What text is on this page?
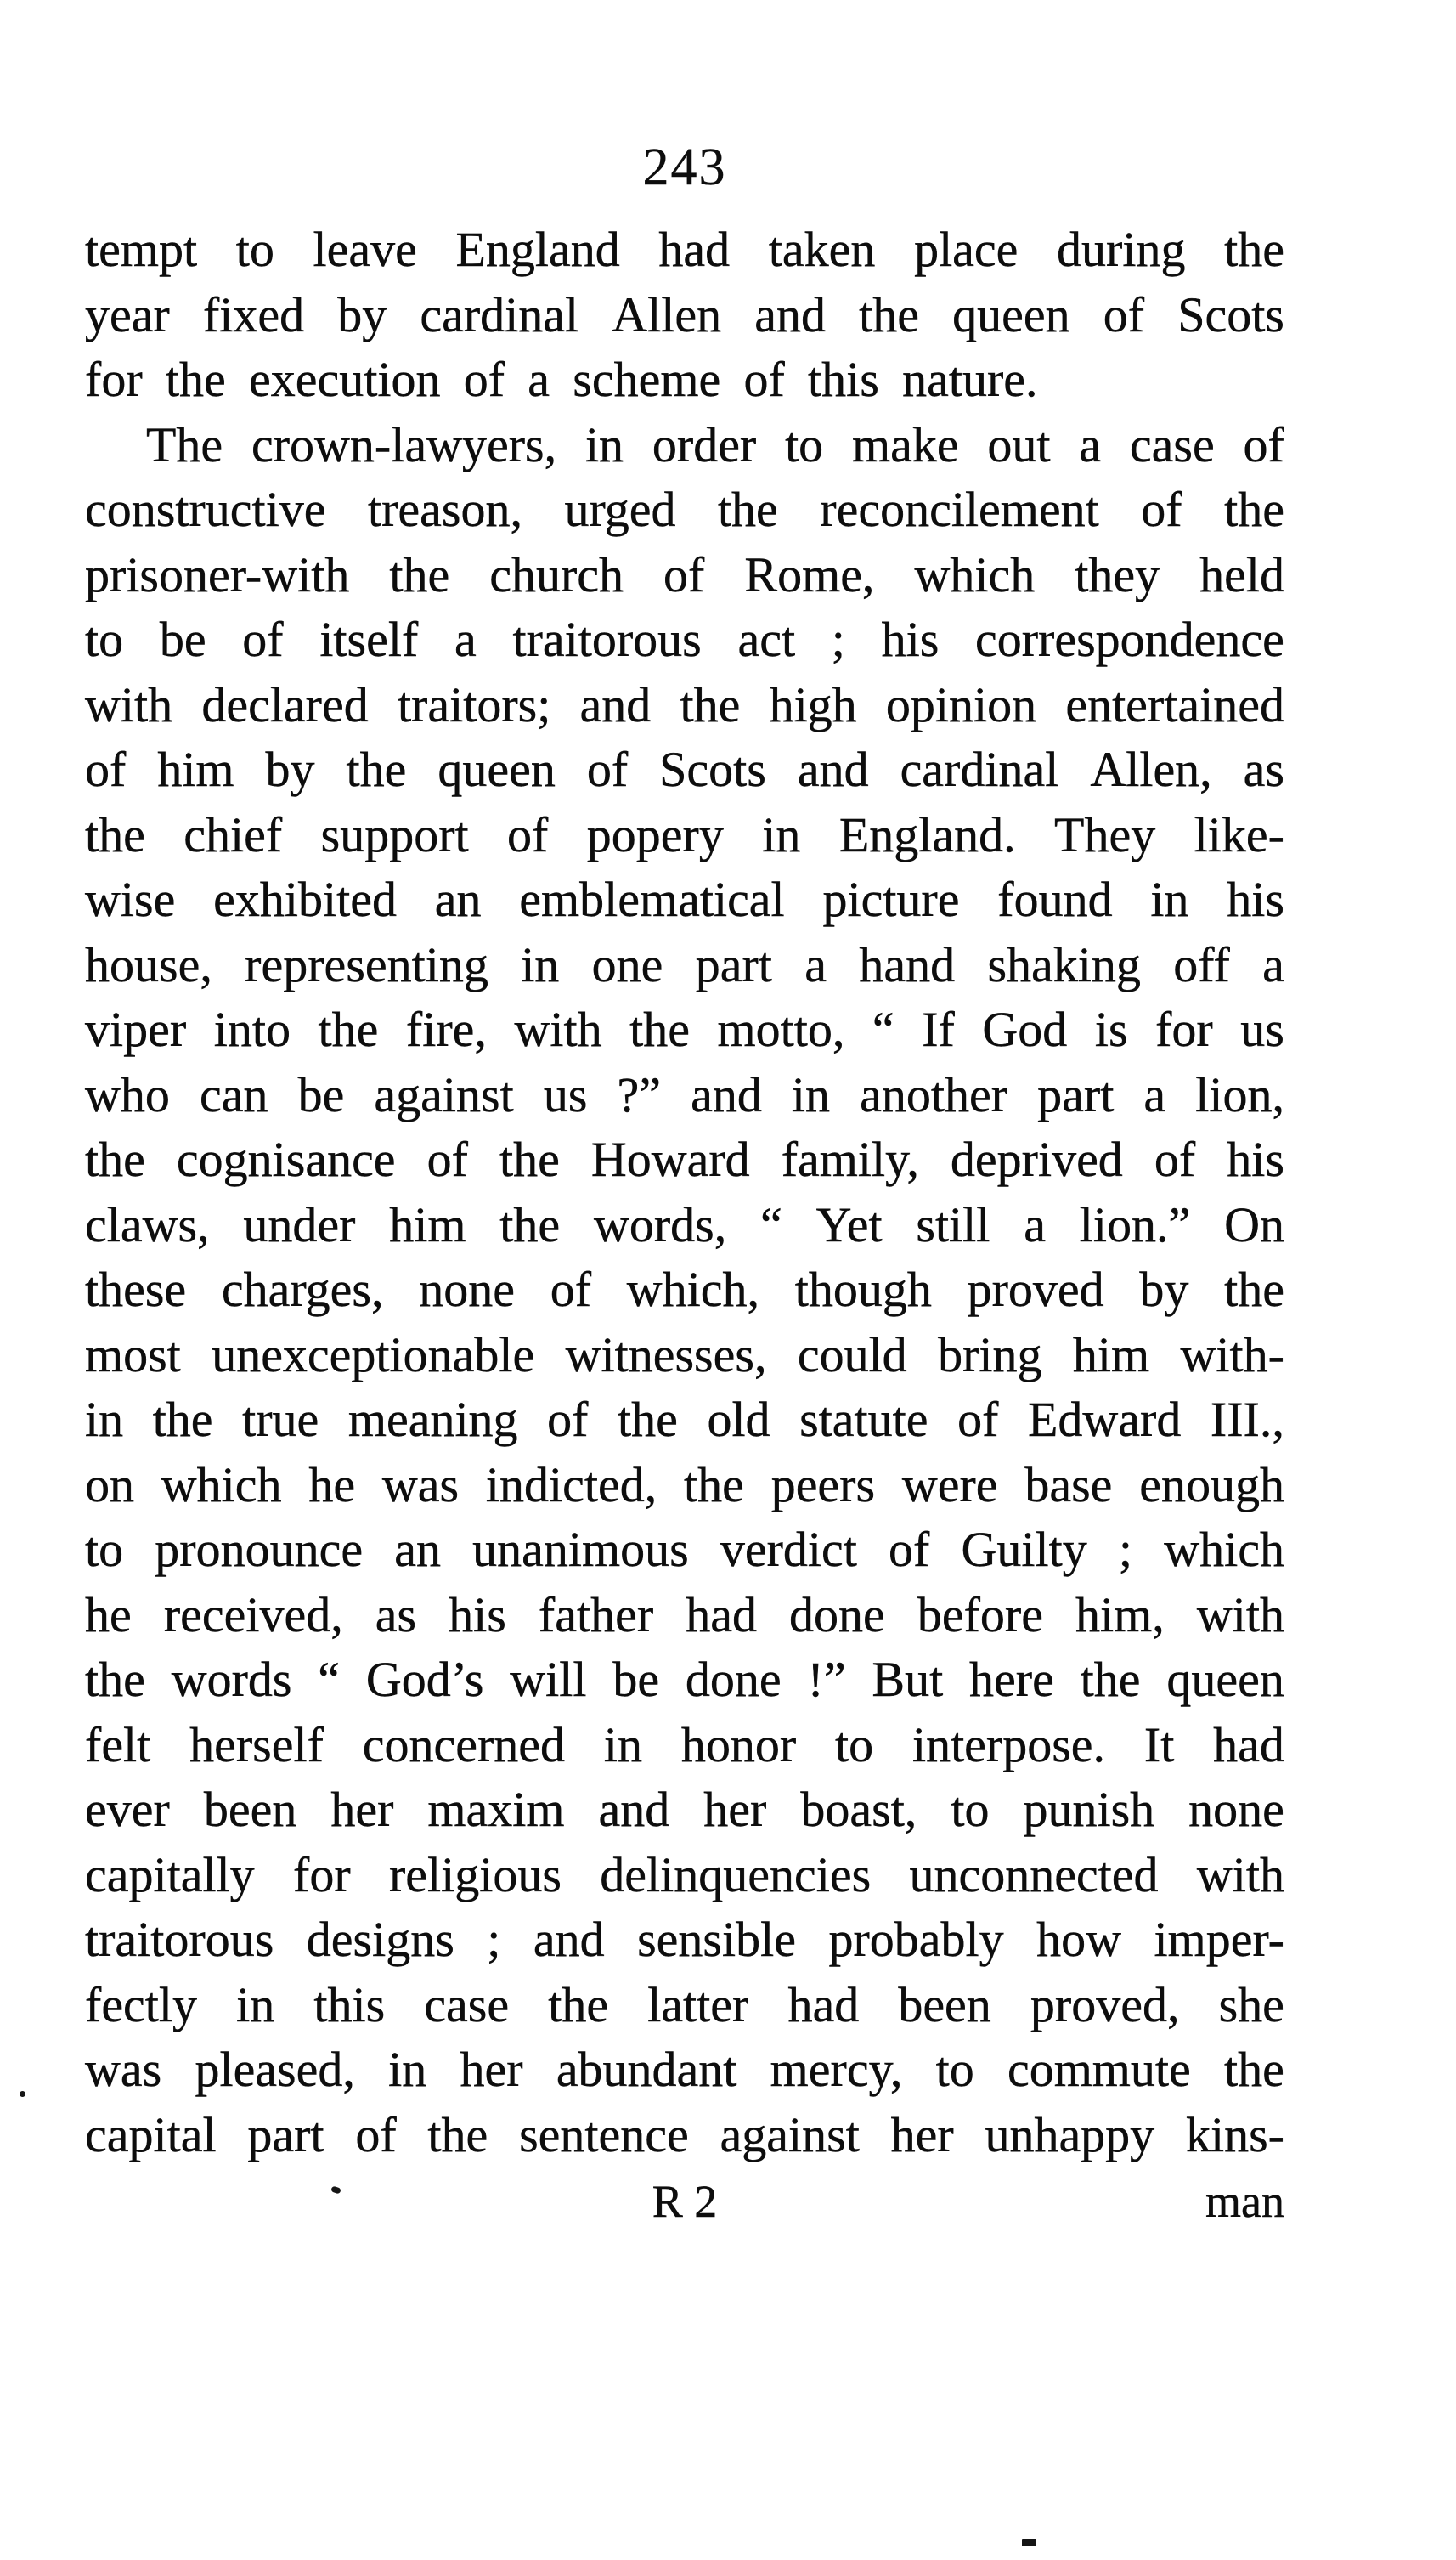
243
tempt to leave England had taken place during the
year fixed by cardinal Allen and the queen of Scots
for the execution of a scheme of this nature.
The crown-lawyers, in order to make out a case of
constructive treason, urged the reconcilement of the
prisoner-with the church of Rome, which they held
to be of itself a traitorous act ; his correspondence
with declared traitors; and the high opinion entertained
of him by the queen of Scots and cardinal Allen, as
the chief support of popery in England. They like-
wise exhibited an emblematical picture found in his
house, representing in one part a hand shaking off a
viper into the fire, with the motto, “ If God is for us
who can be against us ?” and in another part a lion,
the cognisance of the Howard family, deprived of his
claws, under him the words, “ Yet still a lion.” On
these charges, none of which, though proved by the
most unexceptionable witnesses, could bring him with-
in the true meaning of the old statute of Edward III.,
on which he was indicted, the peers were base enough
to pronounce an unanimous verdict of Guilty ; which
he received, as his father had done before him, with
the words “ God’s will be done !” But here the queen
felt herself concerned in honor to interpose. It had
ever been her maxim and her boast, to punish none
capitally for religious delinquencies unconnected with
traitorous designs ; and sensible probably how imper-
fectly in this case the latter had been proved, she
was pleased, in her abundant mercy, to commute the
capital part of the sentence against her unhappy kins-
R 2	man
